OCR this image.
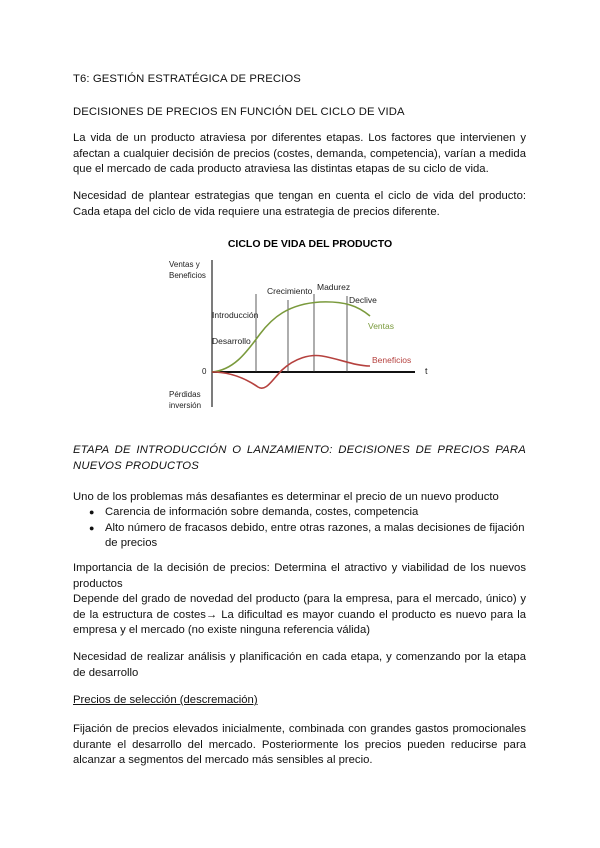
T6: GESTIÓN ESTRATÉGICA DE PRECIOS

DECISIONES DE PRECIOS EN FUNCIÓN DEL CICLO DE VIDA

La vida de un producto atraviesa por diferentes etapas. Los factores que intervienen y afectan a cualquier decisión de precios (costes, demanda, competencia), varían a medida que el mercado de cada producto atraviesa las distintas etapas de su ciclo de vida.

Necesidad de plantear estrategias que tengan en cuenta el ciclo de vida del producto: Cada etapa del ciclo de vida requiere una estrategia de precios diferente.

CICLO DE VIDA DEL PRODUCTO
Ventas y
Beneficios
Pérdidas
inversión
0	t
Desarrollo
Introducción
Crecimiento Madurez
Declive
Ventas
Beneficios

ETAPA DE INTRODUCCIÓN O LANZAMIENTO: DECISIONES DE PRECIOS PARA NUEVOS PRODUCTOS

Uno de los problemas más desafiantes es determinar el precio de un nuevo producto

● Carencia de información sobre demanda, costes, competencia
● Alto número de fracasos debido, entre otras razones, a malas decisiones de fijación de precios

Importancia de la decisión de precios: Determina el atractivo y viabilidad de los nuevos productos

Depende del grado de novedad del producto (para la empresa, para el mercado, único) y de la estructura de costes→ La dificultad es mayor cuando el producto es nuevo para la empresa y el mercado (no existe ninguna referencia válida)

Necesidad de realizar análisis y planificación en cada etapa, y comenzando por la etapa de desarrollo

Precios de selección (descremación)

Fijación de precios elevados inicialmente, combinada con grandes gastos promocionales durante el desarrollo del mercado. Posteriormente los precios pueden reducirse para alcanzar a segmentos del mercado más sensibles al precio.
